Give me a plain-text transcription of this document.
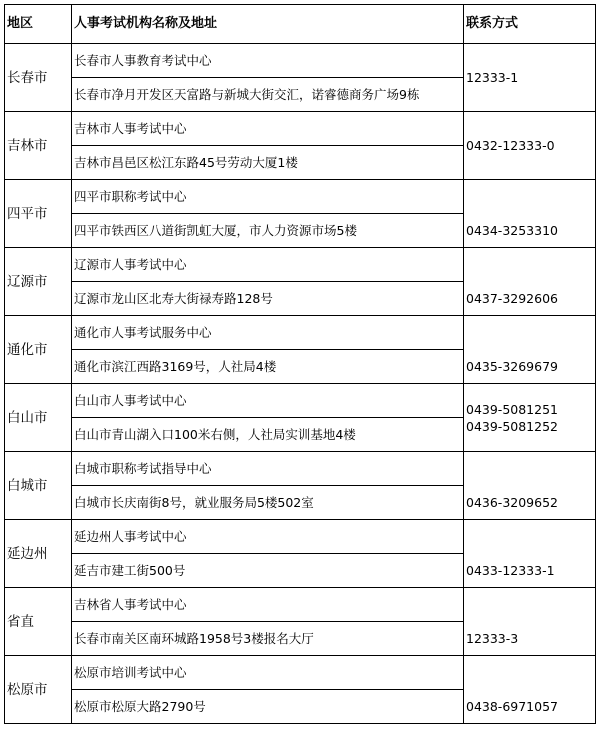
地区	人事考试机构名称及地址	联系方式
长春市	长春市人事教育考试中心	12333-1

	长春市净月开发区天富路与新城大街交汇，诺睿德商务广场9栋	
吉林市	吉林市人事考试中心	0432-12333-0

	吉林市昌邑区松江东路45号劳动大厦1楼	
四平市	四平市职称考试中心	0434-3253310

	四平市铁西区八道街凯虹大厦，市人力资源市场5楼	
辽源市	辽源市人事考试中心	0437-3292606

	辽源市龙山区北寿大街禄寿路128号	
通化市	通化市人事考试服务中心	0435-3269679

	通化市滨江西路3169号，人社局4楼	
白山市	白山市人事考试中心	0439-5081251
0439-5081252

	白山市青山湖入口100米右侧，人社局实训基地4楼	
白城市	白城市职称考试指导中心	0436-3209652

	白城市长庆南街8号，就业服务局5楼502室	
延边州	延边州人事考试中心	0433-12333-1

	延吉市建工街500号	
省直	吉林省人事考试中心	12333-3

	长春市南关区南环城路1958号3楼报名大厅	
松原市	松原市培训考试中心	0438-6971057

	松原市松原大路2790号	
